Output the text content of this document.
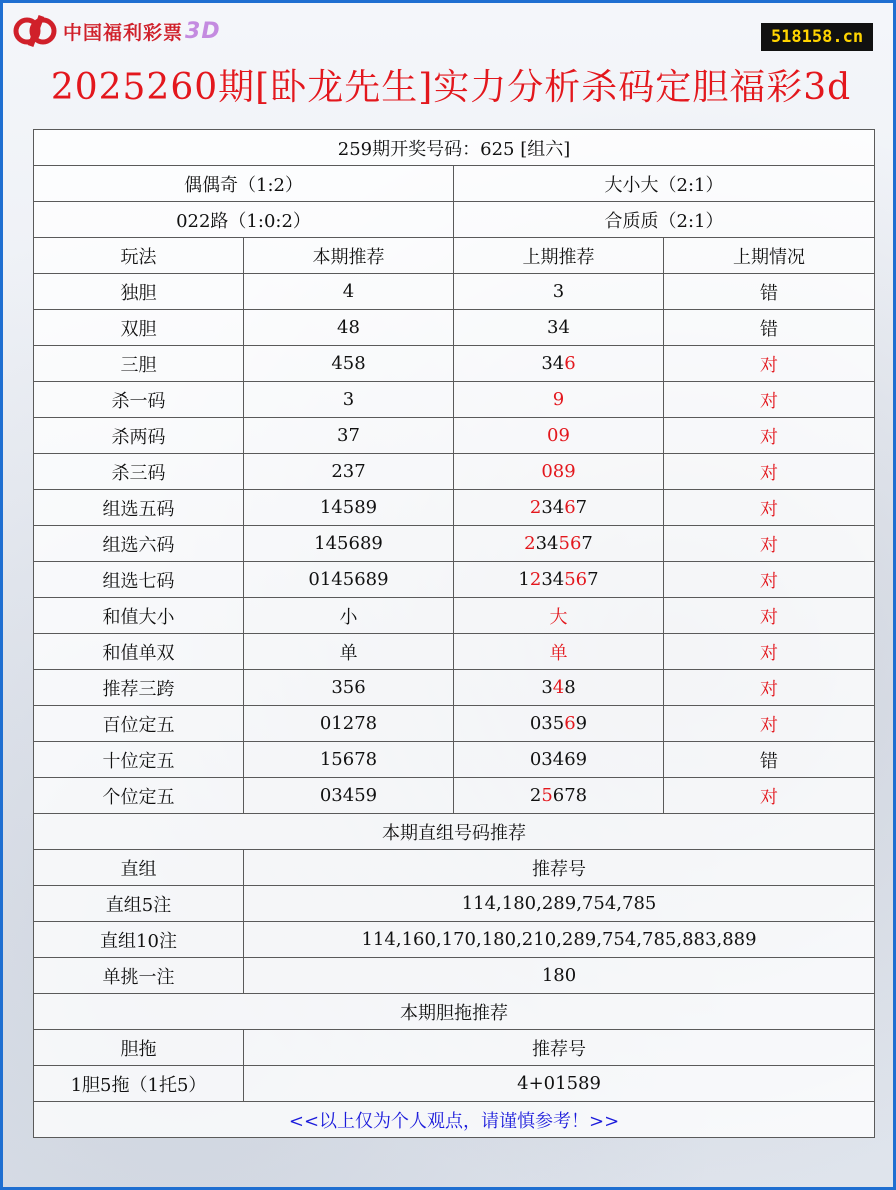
中国福利彩票 3D	518158.cn
2025260期[卧龙先生]实力分析杀码定胆福彩3d
259期开奖号码：625 [组六]			
偶偶奇（1:2）		大小大（2:1）	
022路（1:0:2）		合质质（2:1）	
玩法	本期推荐	上期推荐	上期情况
独胆	4	3	错
双胆	48	34	错
三胆	458	346	对
杀一码	3	9	对
杀两码	37	09	对
杀三码	237	089	对
组选五码	14589	23467	对
组选六码	145689	234567	对
组选七码	0145689	1234567	对
和值大小	小	大	对
和值单双	单	单	对
推荐三跨	356	348	对
百位定五	01278	03569	对
十位定五	15678	03469	错
个位定五	03459	25678	对
本期直组号码推荐			
直组	推荐号		
直组5注	114,180,289,754,785		
直组10注	114,160,170,180,210,289,754,785,883,889		
单挑一注	180		
本期胆拖推荐			
胆拖	推荐号		
1胆5拖（1托5）	4+01589		
<<以上仅为个人观点，请谨慎参考！>>			
